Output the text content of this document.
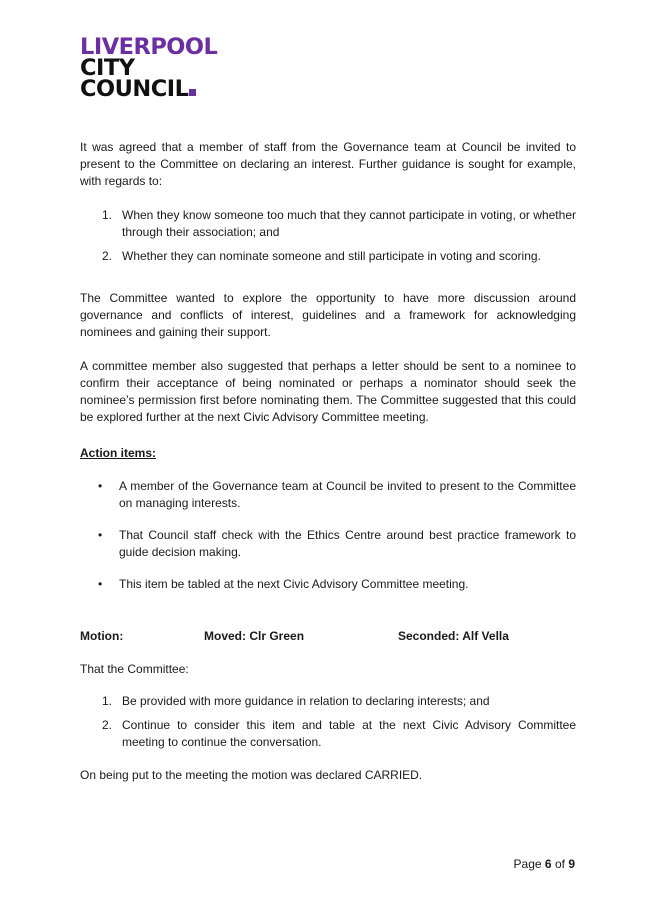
LIVERPOOL
CITY
COUNCIL

It was agreed that a member of staff from the Governance team at Council be invited to present to the Committee on declaring an interest. Further guidance is sought for example, with regards to:

1. When they know someone too much that they cannot participate in voting, or whether through their association; and
2. Whether they can nominate someone and still participate in voting and scoring.

The Committee wanted to explore the opportunity to have more discussion around governance and conflicts of interest, guidelines and a framework for acknowledging nominees and gaining their support.

A committee member also suggested that perhaps a letter should be sent to a nominee to confirm their acceptance of being nominated or perhaps a nominator should seek the nominee’s permission first before nominating them. The Committee suggested that this could be explored further at the next Civic Advisory Committee meeting.

Action items:

• A member of the Governance team at Council be invited to present to the Committee on managing interests.
• That Council staff check with the Ethics Centre around best practice framework to guide decision making.
• This item be tabled at the next Civic Advisory Committee meeting.
Motion:	Moved: Clr Green	Seconded: Alf Vella

That the Committee:

1. Be provided with more guidance in relation to declaring interests; and
2. Continue to consider this item and table at the next Civic Advisory Committee meeting to continue the conversation.

On being put to the meeting the motion was declared CARRIED.

Page 6 of 9
